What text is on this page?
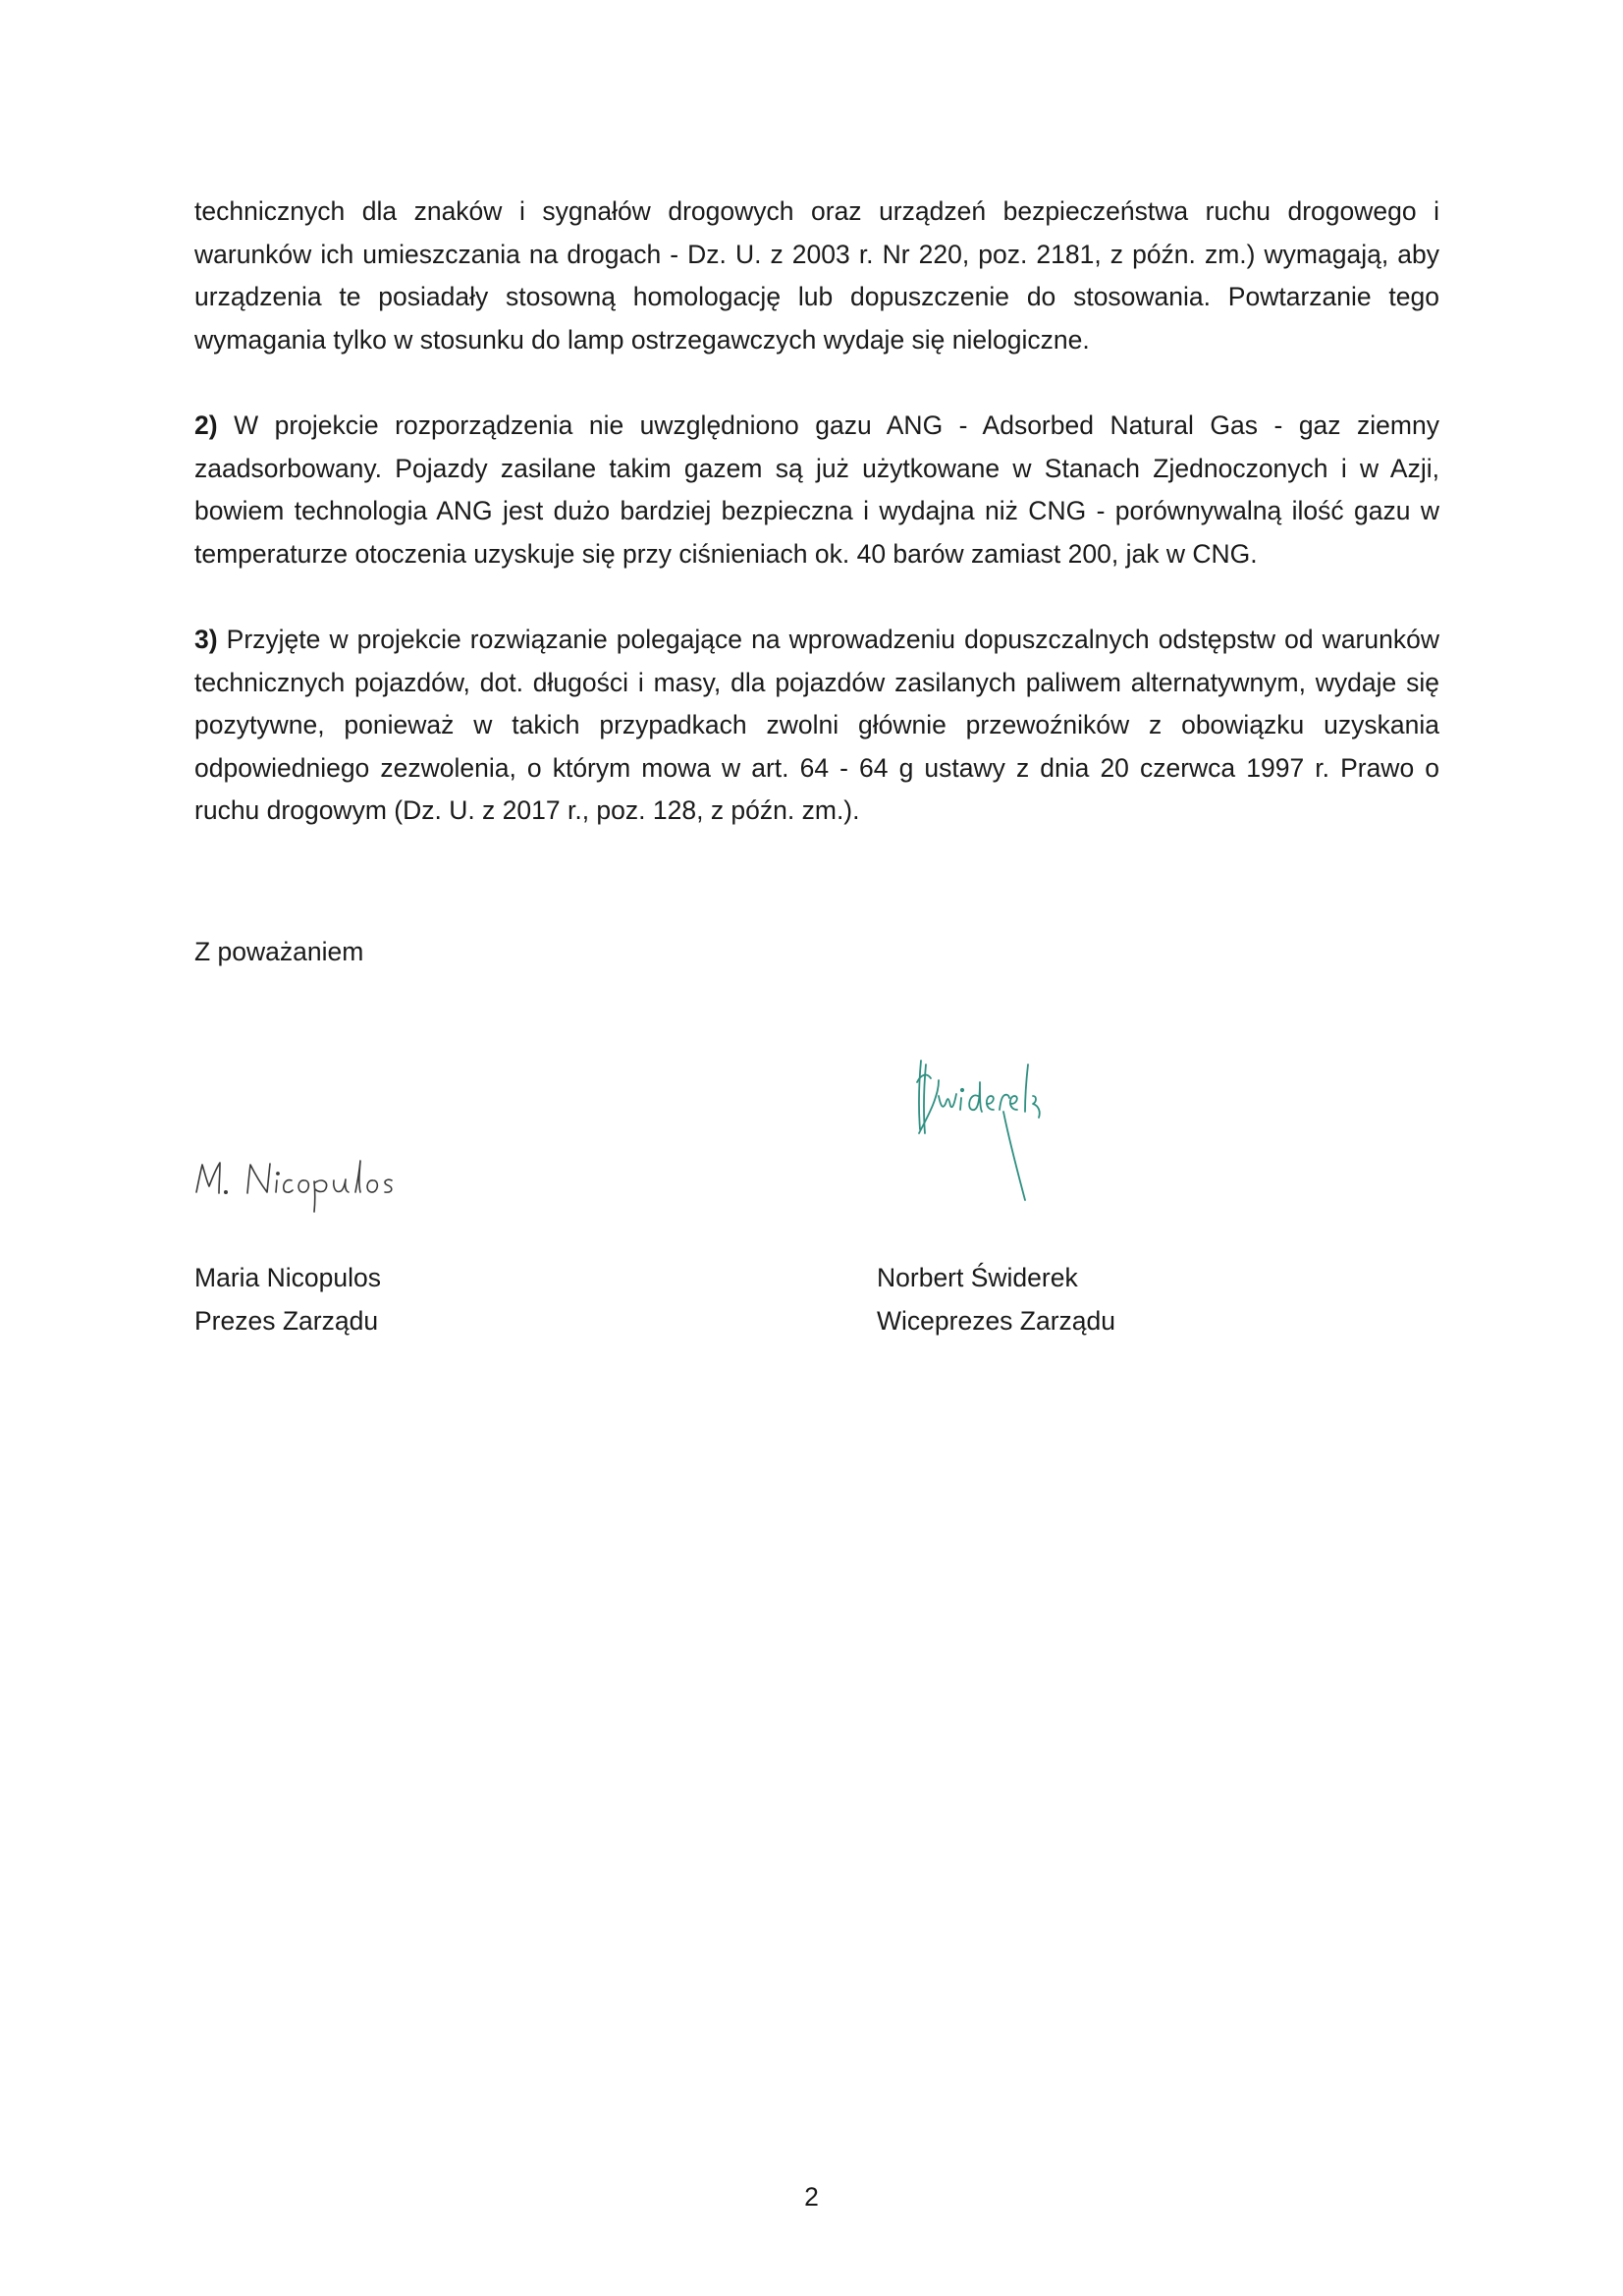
technicznych dla znaków i sygnałów drogowych oraz urządzeń bezpieczeństwa ruchu drogowego i warunków ich umieszczania na drogach - Dz. U. z 2003 r. Nr 220, poz. 2181, z późn. zm.) wymagają, aby urządzenia te posiadały stosowną homologację lub dopuszczenie do stosowania. Powtarzanie tego wymagania tylko w stosunku do lamp ostrzegawczych wydaje się nielogiczne.

2) W projekcie rozporządzenia nie uwzględniono gazu ANG - Adsorbed Natural Gas - gaz ziemny zaadsorbowany. Pojazdy zasilane takim gazem są już użytkowane w Stanach Zjednoczonych i w Azji, bowiem technologia ANG jest dużo bardziej bezpieczna i wydajna niż CNG - porównywalną ilość gazu w temperaturze otoczenia uzyskuje się przy ciśnieniach ok. 40 barów zamiast 200, jak w CNG.

3) Przyjęte w projekcie rozwiązanie polegające na wprowadzeniu dopuszczalnych odstępstw od warunków technicznych pojazdów, dot. długości i masy, dla pojazdów zasilanych paliwem alternatywnym, wydaje się pozytywne, ponieważ w takich przypadkach zwolni głównie przewoźników z obowiązku uzyskania odpowiedniego zezwolenia, o którym mowa w art. 64 - 64 g ustawy z dnia 20 czerwca 1997 r. Prawo o ruchu drogowym (Dz. U. z 2017 r., poz. 128, z późn. zm.).

Z poważaniem
Maria Nicopulos
Prezes Zarządu
Norbert Świderek
Wiceprezes Zarządu
2
